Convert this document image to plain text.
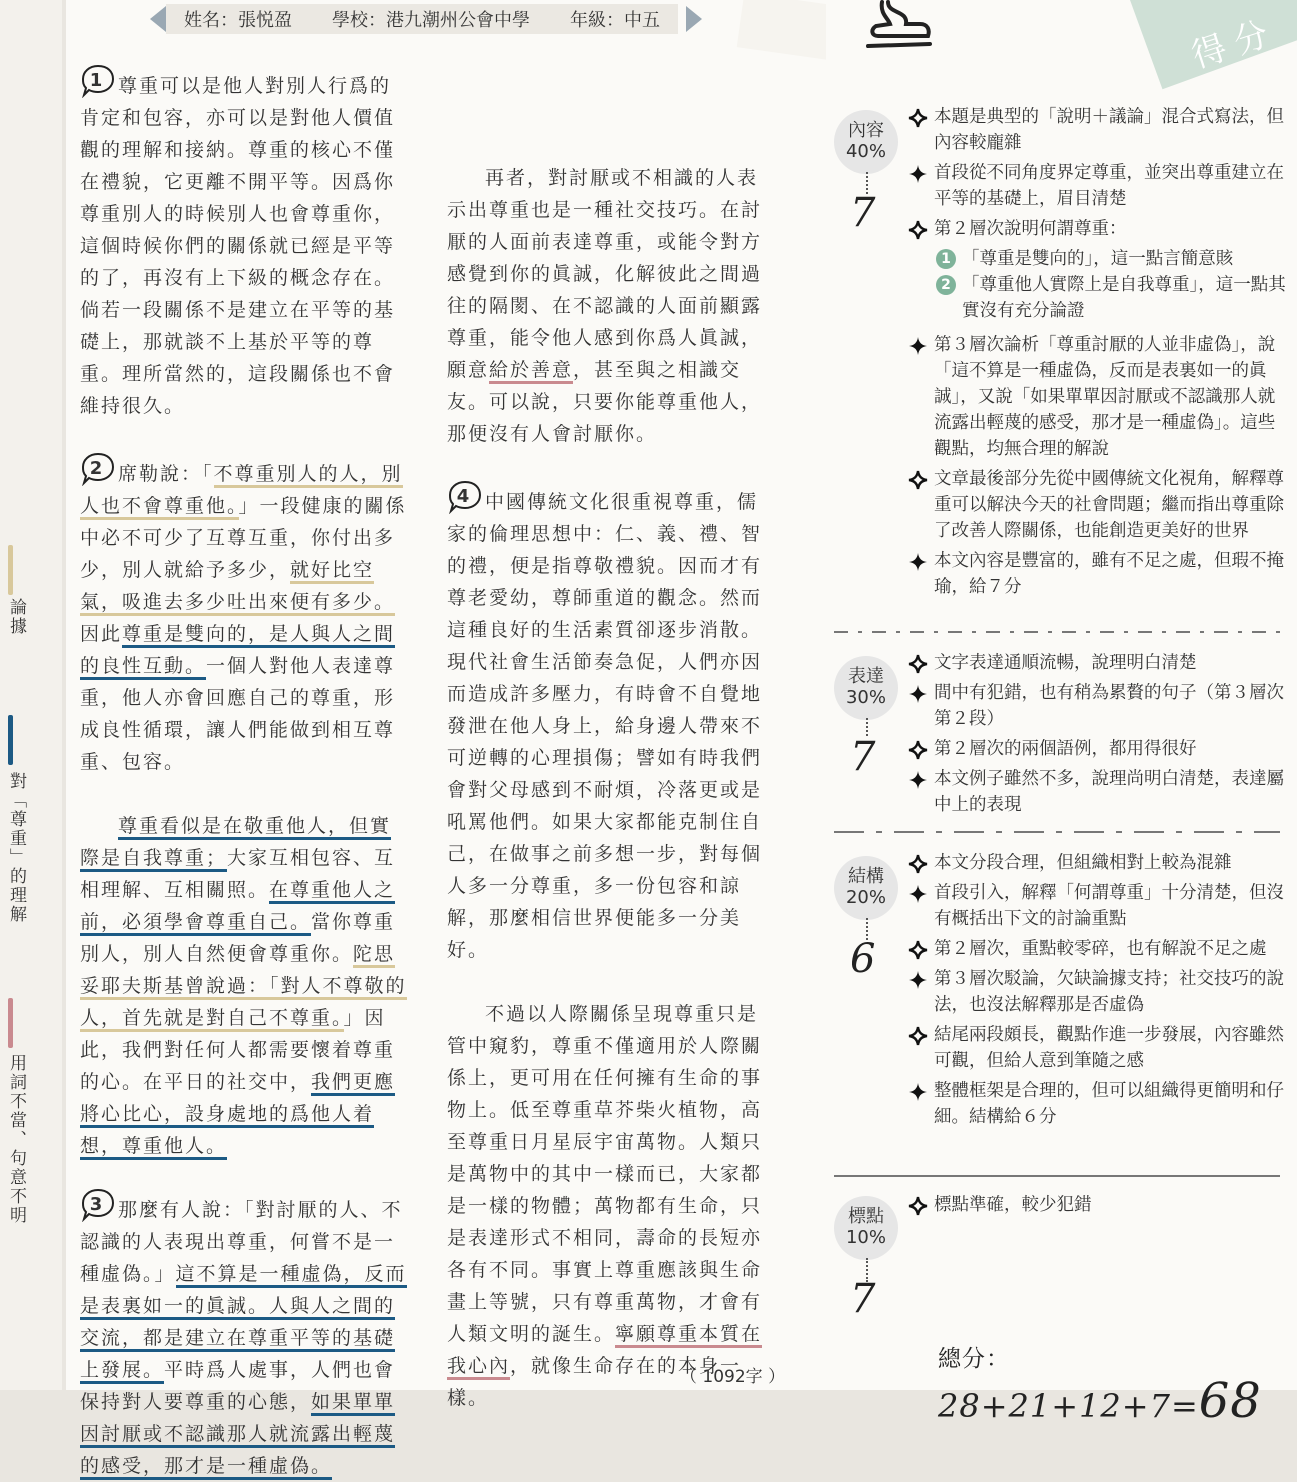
論據
對「尊重」的理解
用詞不當、句意不明
姓名：張悦盈 學校：港九潮州公會中學 年級：中五

1 尊重可以是他人對別人行爲的肯定和包容，亦可以是對他人價值觀的理解和接納。尊重的核心不僅在禮貌，它更離不開平等。因爲你尊重別人的時候別人也會尊重你，這個時候你們的關係就已經是平等的了，再沒有上下級的概念存在。倘若一段關係不是建立在平等的基礎上，那就談不上基於平等的尊重。理所當然的，這段關係也不會維持很久。

2 席勒說：「不尊重別人的人，別人也不會尊重他。」一段健康的關係中必不可少了互尊互重，你付出多少，別人就給予多少，就好比空氣，吸進去多少吐出來便有多少。因此尊重是雙向的，是人與人之間的良性互動。一個人對他人表達尊重，他人亦會回應自己的尊重，形成良性循環，讓人們能做到相互尊重、包容。

尊重看似是在敬重他人，但實際是自我尊重；大家互相包容、互相理解、互相關照。在尊重他人之前，必須學會尊重自己。當你尊重別人，別人自然便會尊重你。陀思妥耶夫斯基曾說過：「對人不尊敬的人，首先就是對自己不尊重。」因此，我們對任何人都需要懷着尊重的心。在平日的社交中，我們更應將心比心，設身處地的爲他人着想，尊重他人。

3 那麼有人說：「對討厭的人、不認識的人表現出尊重，何嘗不是一種虛偽。」這不算是一種虛偽，反而是表裏如一的眞誠。人與人之間的交流，都是建立在尊重平等的基礎上發展。平時爲人處事，人們也會保持對人要尊重的心態，如果單單因討厭或不認識那人就流露出輕蔑的感受，那才是一種虛偽。

再者，對討厭或不相識的人表示出尊重也是一種社交技巧。在討厭的人面前表達尊重，或能令對方感覺到你的眞誠，化解彼此之間過往的隔閡、在不認識的人面前顯露尊重，能令他人感到你爲人眞誠，願意給於善意，甚至與之相識交友。可以說，只要你能尊重他人，那便沒有人會討厭你。

4 中國傳統文化很重視尊重，儒家的倫理思想中：仁、義、禮、智的禮，便是指尊敬禮貌。因而才有尊老愛幼，尊師重道的觀念。然而這種良好的生活素質卻逐步消散。現代社會生活節奏急促，人們亦因而造成許多壓力，有時會不自覺地發泄在他人身上，給身邊人帶來不可逆轉的心理損傷；譬如有時我們會對父母感到不耐煩，冷落更或是吼罵他們。如果大家都能克制住自己，在做事之前多想一步，對每個人多一分尊重，多一份包容和諒解，那麼相信世界便能多一分美好。

不過以人際關係呈現尊重只是管中窺豹，尊重不僅適用於人際關係上，更可用在任何擁有生命的事物上。低至尊重草芥柴火植物，高至尊重日月星辰宇宙萬物。人類只是萬物中的其中一樣而已，大家都是一樣的物體；萬物都有生命，只是表達形式不相同，壽命的長短亦各有不同。事實上尊重應該與生命畫上等號，只有尊重萬物，才會有人類文明的誕生。寧願尊重本質在我心內，就像生命存在的本身一樣。

（ 1092字 ）
得分
內容
40%
7
本題是典型的「說明＋議論」混合式寫法，但內容較龐雜
首段從不同角度界定尊重，並突出尊重建立在平等的基礎上，眉目清楚
第２層次說明何謂尊重：
1 「尊重是雙向的」，這一點言簡意賅
2 「尊重他人實際上是自我尊重」，這一點其實沒有充分論證
第３層次論析「尊重討厭的人並非虛偽」，說「這不算是一種虛偽，反而是表裏如一的眞誠」，又說「如果單單因討厭或不認識那人就流露出輕蔑的感受，那才是一種虛偽」。這些觀點，均無合理的解說
文章最後部分先從中國傳統文化視角，解釋尊重可以解決今天的社會問題；繼而指出尊重除了改善人際關係，也能創造更美好的世界
本文內容是豐富的，雖有不足之處，但瑕不掩瑜，給７分
表達
30%
7
文字表達通順流暢，說理明白清楚
間中有犯錯，也有稍為累贅的句子（第３層次第２段）
第２層次的兩個語例，都用得很好
本文例子雖然不多，說理尚明白清楚，表達屬中上的表現
結構
20%
6
本文分段合理，但組織相對上較為混雜
首段引入，解釋「何謂尊重」十分清楚，但沒有概括出下文的討論重點
第２層次，重點較零碎，也有解說不足之處
第３層次駁論，欠缺論據支持；社交技巧的說法，也沒法解釋那是否虛偽
結尾兩段頗長，觀點作進一步發展，內容雖然可觀，但給人意到筆隨之感
整體框架是合理的，但可以組織得更簡明和仔細。結構給６分
標點
10%
7
標點準確，較少犯錯
總分：28+21+12+7=68
